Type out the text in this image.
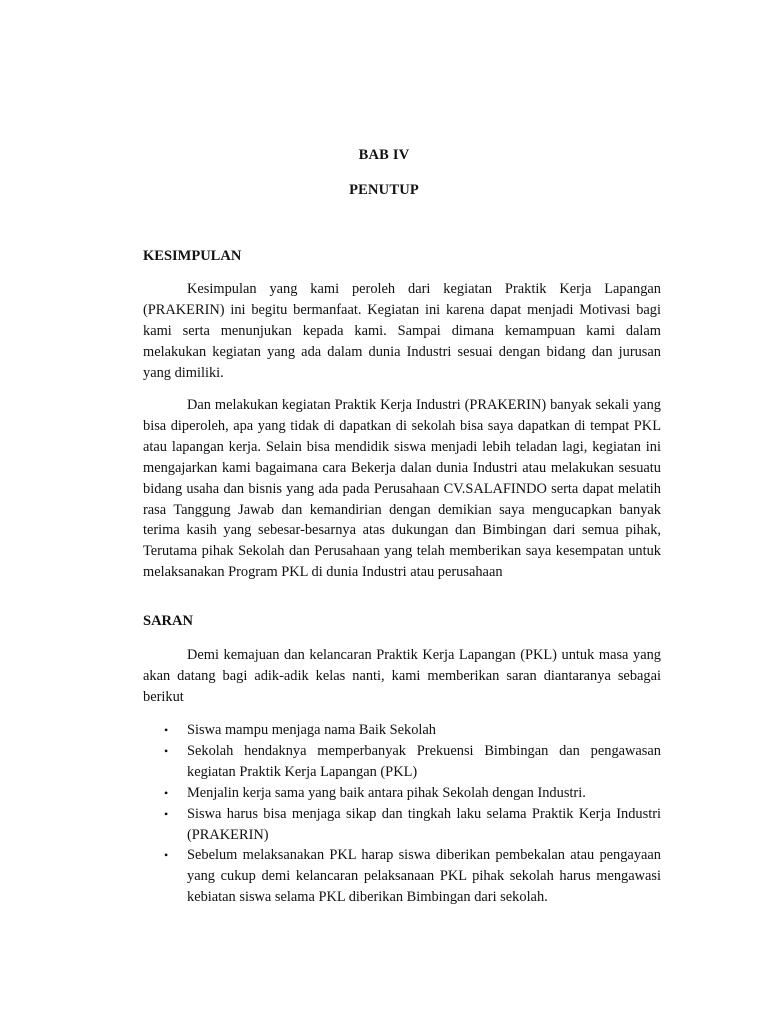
BAB IV
PENUTUP
KESIMPULAN

Kesimpulan yang kami peroleh dari kegiatan Praktik Kerja Lapangan (PRAKERIN) ini begitu bermanfaat. Kegiatan ini karena dapat menjadi Motivasi bagi kami serta menunjukan kepada kami. Sampai dimana kemampuan kami dalam melakukan kegiatan yang ada dalam dunia Industri sesuai dengan bidang dan jurusan yang dimiliki.

Dan melakukan kegiatan Praktik Kerja Industri (PRAKERIN) banyak sekali yang bisa diperoleh, apa yang tidak di dapatkan di sekolah bisa saya dapatkan di tempat PKL atau lapangan kerja. Selain bisa mendidik siswa menjadi lebih teladan lagi, kegiatan ini mengajarkan kami bagaimana cara Bekerja dalan dunia Industri atau melakukan sesuatu bidang usaha dan bisnis yang ada pada Perusahaan CV.SALAFINDO serta dapat melatih rasa Tanggung Jawab dan kemandirian dengan demikian saya mengucapkan banyak terima kasih yang sebesar-besarnya atas dukungan dan Bimbingan dari semua pihak, Terutama pihak Sekolah dan Perusahaan yang telah memberikan saya kesempatan untuk melaksanakan Program PKL di dunia Industri atau perusahaan

SARAN

Demi kemajuan dan kelancaran Praktik Kerja Lapangan (PKL) untuk masa yang akan datang bagi adik-adik kelas nanti, kami memberikan saran diantaranya sebagai berikut

• Siswa mampu menjaga nama Baik Sekolah
• Sekolah hendaknya memperbanyak Prekuensi Bimbingan dan pengawasan kegiatan Praktik Kerja Lapangan (PKL)
• Menjalin kerja sama yang baik antara pihak Sekolah dengan Industri.
• Siswa harus bisa menjaga sikap dan tingkah laku selama Praktik Kerja Industri (PRAKERIN)
• Sebelum melaksanakan PKL harap siswa diberikan pembekalan atau pengayaan yang cukup demi kelancaran pelaksanaan PKL pihak sekolah harus mengawasi kebiatan siswa selama PKL diberikan Bimbingan dari sekolah.
